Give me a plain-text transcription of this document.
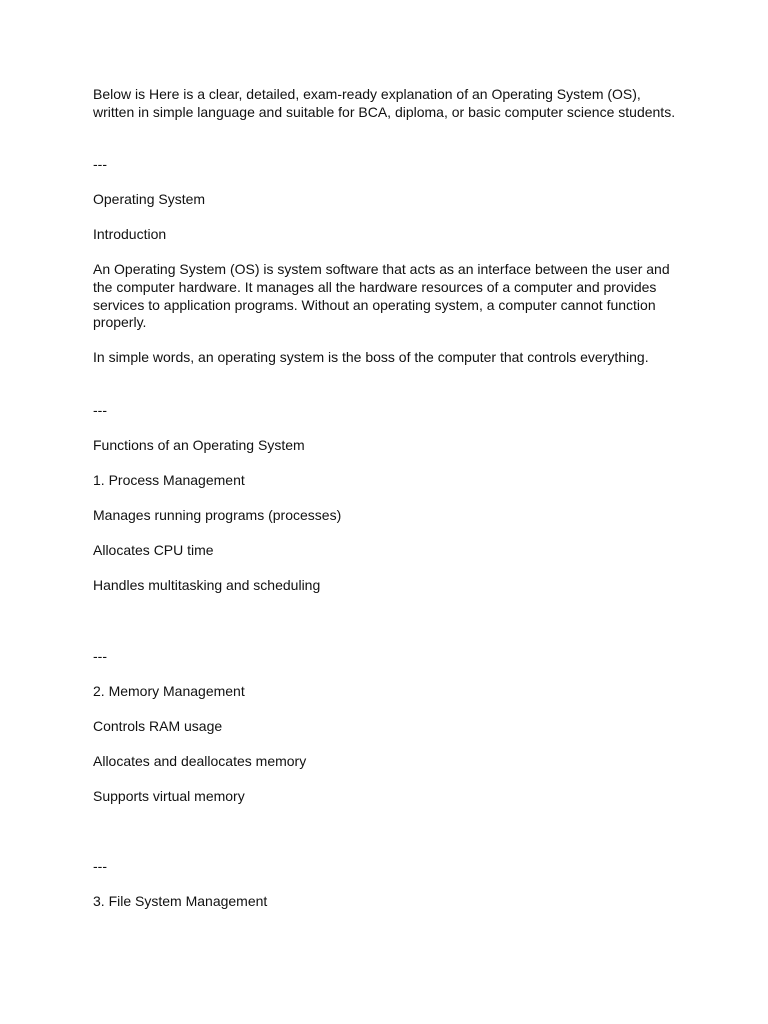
Below is Here is a clear, detailed, exam-ready explanation of an Operating System (OS), written in simple language and suitable for BCA, diploma, or basic computer science students.

---

Operating System

Introduction

An Operating System (OS) is system software that acts as an interface between the user and the computer hardware. It manages all the hardware resources of a computer and provides services to application programs. Without an operating system, a computer cannot function properly.

In simple words, an operating system is the boss of the computer that controls everything.

---

Functions of an Operating System

1. Process Management

Manages running programs (processes)

Allocates CPU time

Handles multitasking and scheduling

---

2. Memory Management

Controls RAM usage

Allocates and deallocates memory

Supports virtual memory

---

3. File System Management
